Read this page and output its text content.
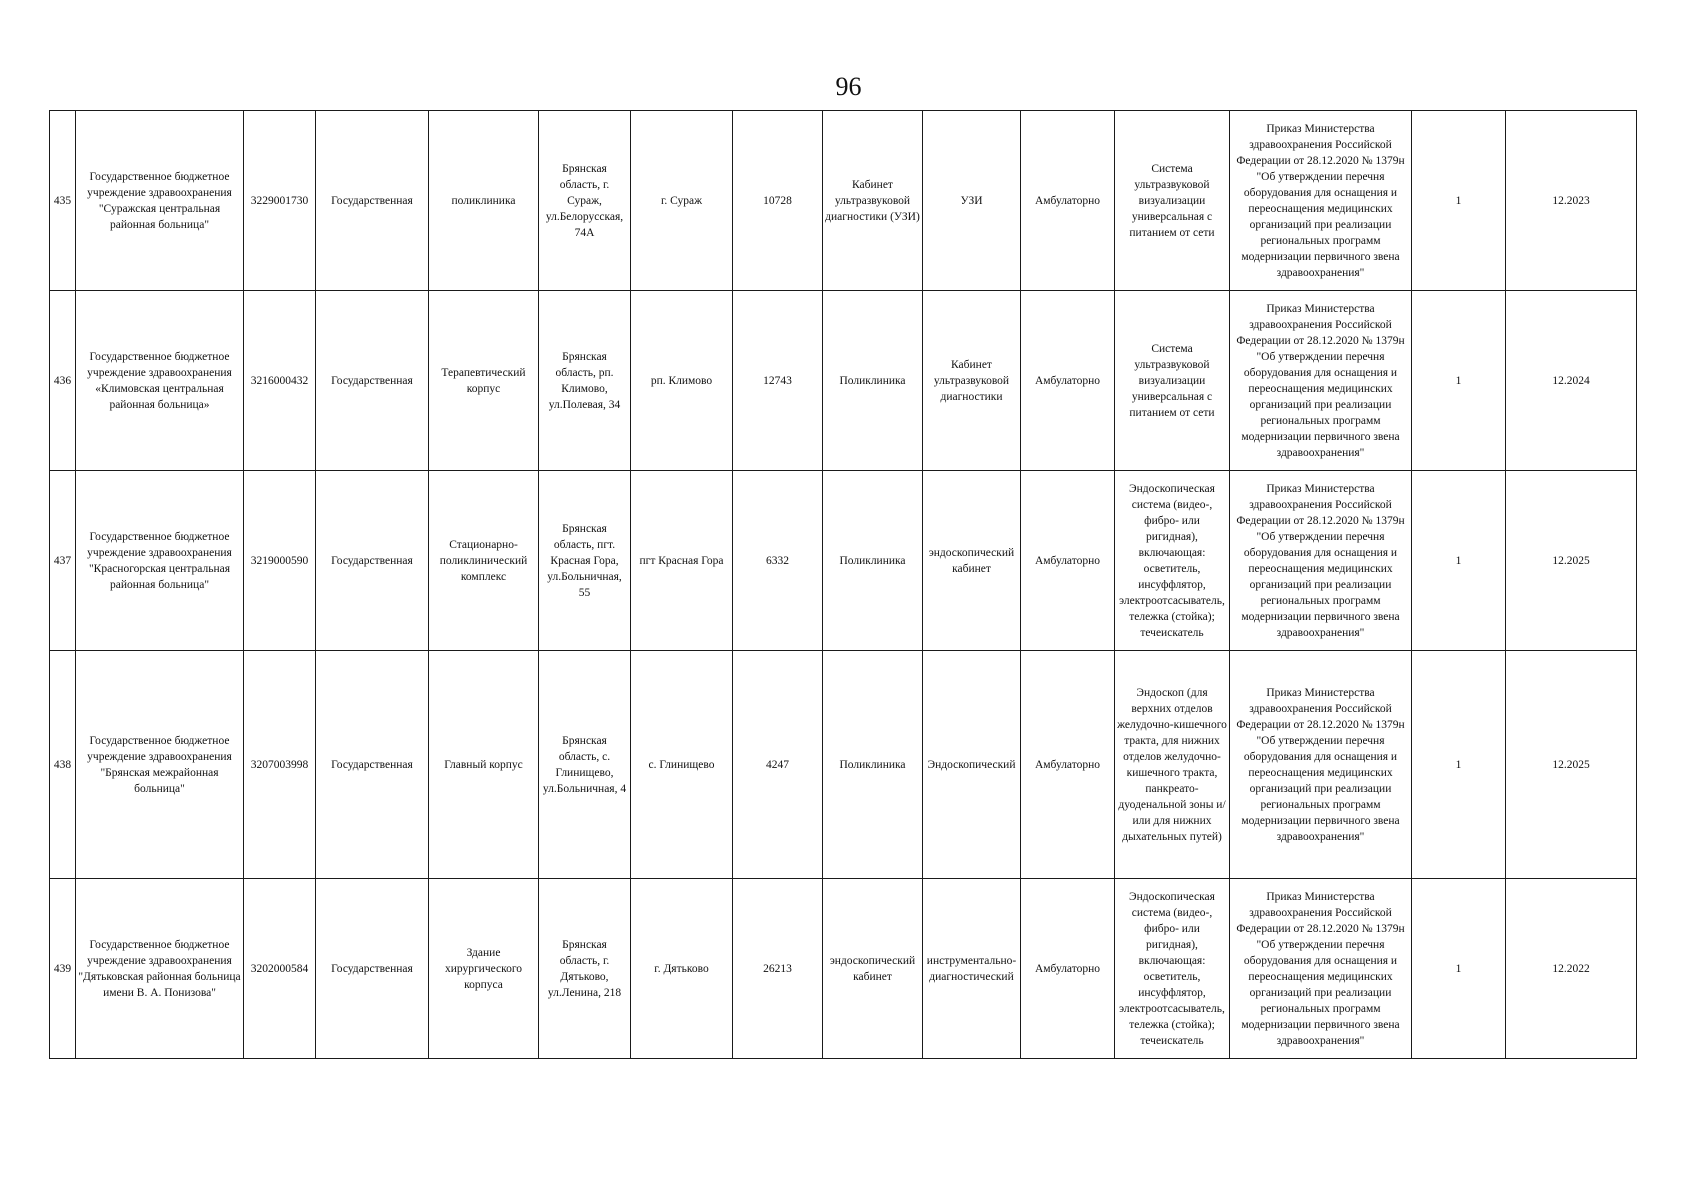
96
435	Государственное бюджетное учреждение здравоохранения "Суражская центральная районная больница"	3229001730	Государственная	поликлиника	Брянская область, г. Сураж, ул.Белорусская, 74А	г. Сураж	10728	Кабинет ультразвуковой диагностики (УЗИ)	УЗИ	Амбулаторно	Система ультразвуковой визуализации универсальная с питанием от сети	Приказ Министерства здравоохранения Российской Федерации от 28.12.2020 № 1379н "Об утверждении перечня оборудования для оснащения и переоснащения медицинских организаций при реализации региональных программ модернизации первичного звена здравоохранения"	1	12.2023
436	Государственное бюджетное учреждение здравоохранения «Климовская центральная районная больница»	3216000432	Государственная	Терапевтический корпус	Брянская область, рп. Климово, ул.Полевая, 34	рп. Климово	12743	Поликлиника	Кабинет ультразвуковой диагностики	Амбулаторно	Система ультразвуковой визуализации универсальная с питанием от сети	Приказ Министерства здравоохранения Российской Федерации от 28.12.2020 № 1379н "Об утверждении перечня оборудования для оснащения и переоснащения медицинских организаций при реализации региональных программ модернизации первичного звена здравоохранения"	1	12.2024
437	Государственное бюджетное учреждение здравоохранения "Красногорская центральная районная больница"	3219000590	Государственная	Стационарно-поликлинический комплекс	Брянская область, пгт. Красная Гора, ул.Больничная, 55	пгт Красная Гора	6332	Поликлиника	эндоскопический кабинет	Амбулаторно	Эндоскопическая система (видео-, фибро- или ригидная), включающая: осветитель, инсуффлятор, электроотсасыватель, тележка (стойка); течеискатель	Приказ Министерства здравоохранения Российской Федерации от 28.12.2020 № 1379н "Об утверждении перечня оборудования для оснащения и переоснащения медицинских организаций при реализации региональных программ модернизации первичного звена здравоохранения"	1	12.2025
438	Государственное бюджетное учреждение здравоохранения "Брянская межрайонная больница"	3207003998	Государственная	Главный корпус	Брянская область, с. Глинищево, ул.Больничная, 4	с. Глинищево	4247	Поликлиника	Эндоскопический	Амбулаторно	Эндоскоп (для верхних отделов желудочно-кишечного тракта, для нижних отделов желудочно-кишечного тракта, панкреато-дуоденальной зоны и/или для нижних дыхательных путей)	Приказ Министерства здравоохранения Российской Федерации от 28.12.2020 № 1379н "Об утверждении перечня оборудования для оснащения и переоснащения медицинских организаций при реализации региональных программ модернизации первичного звена здравоохранения"	1	12.2025
439	Государственное бюджетное учреждение здравоохранения "Дятьковская районная больница имени В. А. Понизова"	3202000584	Государственная	Здание хирургического корпуса	Брянская область, г. Дятьково, ул.Ленина, 218	г. Дятьково	26213	эндоскопический кабинет	инструментально-диагностический	Амбулаторно	Эндоскопическая система (видео-, фибро- или ригидная), включающая: осветитель, инсуффлятор, электроотсасыватель, тележка (стойка); течеискатель	Приказ Министерства здравоохранения Российской Федерации от 28.12.2020 № 1379н "Об утверждении перечня оборудования для оснащения и переоснащения медицинских организаций при реализации региональных программ модернизации первичного звена здравоохранения"	1	12.2022
